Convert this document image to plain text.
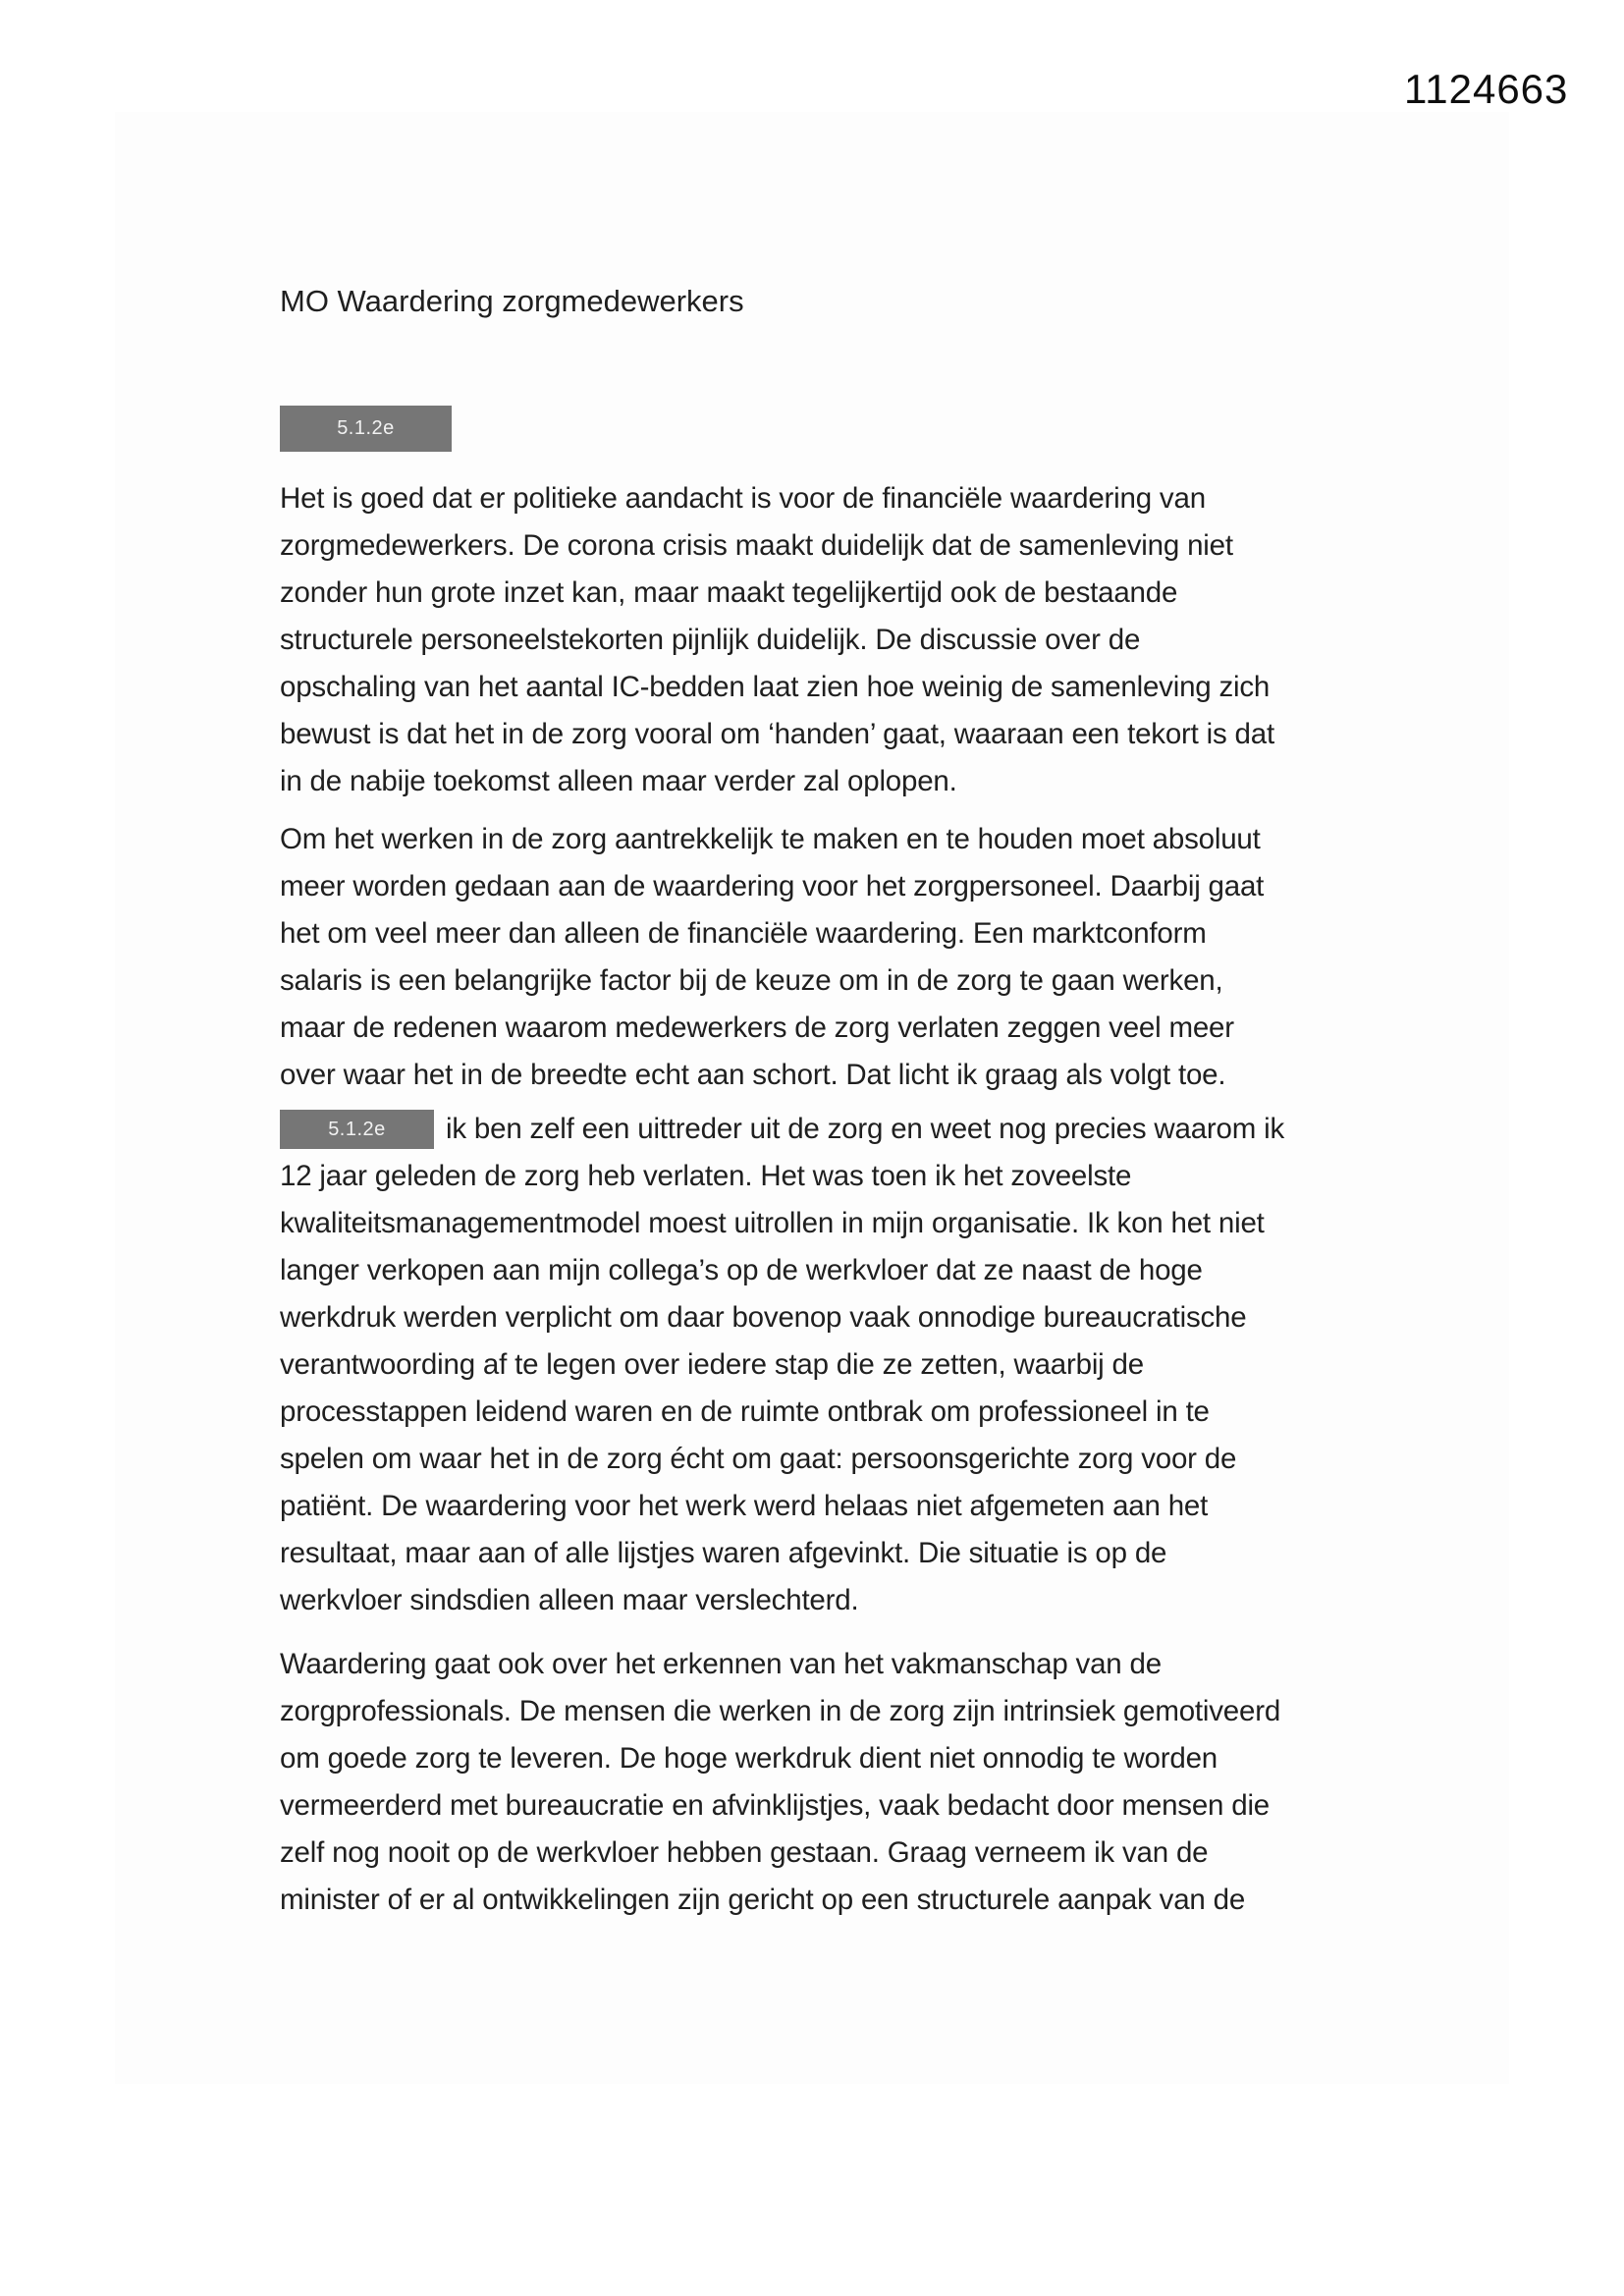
1124663
MO Waardering zorgmedewerkers
5.1.2e
Het is goed dat er politieke aandacht is voor de financiële waardering van
zorgmedewerkers. De corona crisis maakt duidelijk dat de samenleving niet
zonder hun grote inzet kan, maar maakt tegelijkertijd ook de bestaande
structurele personeelstekorten pijnlijk duidelijk. De discussie over de
opschaling van het aantal IC-bedden laat zien hoe weinig de samenleving zich
bewust is dat het in de zorg vooral om ‘handen’ gaat, waaraan een tekort is dat
in de nabije toekomst alleen maar verder zal oplopen.
Om het werken in de zorg aantrekkelijk te maken en te houden moet absoluut
meer worden gedaan aan de waardering voor het zorgpersoneel. Daarbij gaat
het om veel meer dan alleen de financiële waardering. Een marktconform
salaris is een belangrijke factor bij de keuze om in de zorg te gaan werken,
maar de redenen waarom medewerkers de zorg verlaten zeggen veel meer
over waar het in de breedte echt aan schort. Dat licht ik graag als volgt toe.
5.1.2e ik ben zelf een uittreder uit de zorg en weet nog precies waarom ik
12 jaar geleden de zorg heb verlaten. Het was toen ik het zoveelste
kwaliteitsmanagementmodel moest uitrollen in mijn organisatie. Ik kon het niet
langer verkopen aan mijn collega’s op de werkvloer dat ze naast de hoge
werkdruk werden verplicht om daar bovenop vaak onnodige bureaucratische
verantwoording af te legen over iedere stap die ze zetten, waarbij de
processtappen leidend waren en de ruimte ontbrak om professioneel in te
spelen om waar het in de zorg écht om gaat: persoonsgerichte zorg voor de
patiënt. De waardering voor het werk werd helaas niet afgemeten aan het
resultaat, maar aan of alle lijstjes waren afgevinkt. Die situatie is op de
werkvloer sindsdien alleen maar verslechterd.
Waardering gaat ook over het erkennen van het vakmanschap van de
zorgprofessionals. De mensen die werken in de zorg zijn intrinsiek gemotiveerd
om goede zorg te leveren. De hoge werkdruk dient niet onnodig te worden
vermeerderd met bureaucratie en afvinklijstjes, vaak bedacht door mensen die
zelf nog nooit op de werkvloer hebben gestaan. Graag verneem ik van de
minister of er al ontwikkelingen zijn gericht op een structurele aanpak van de
